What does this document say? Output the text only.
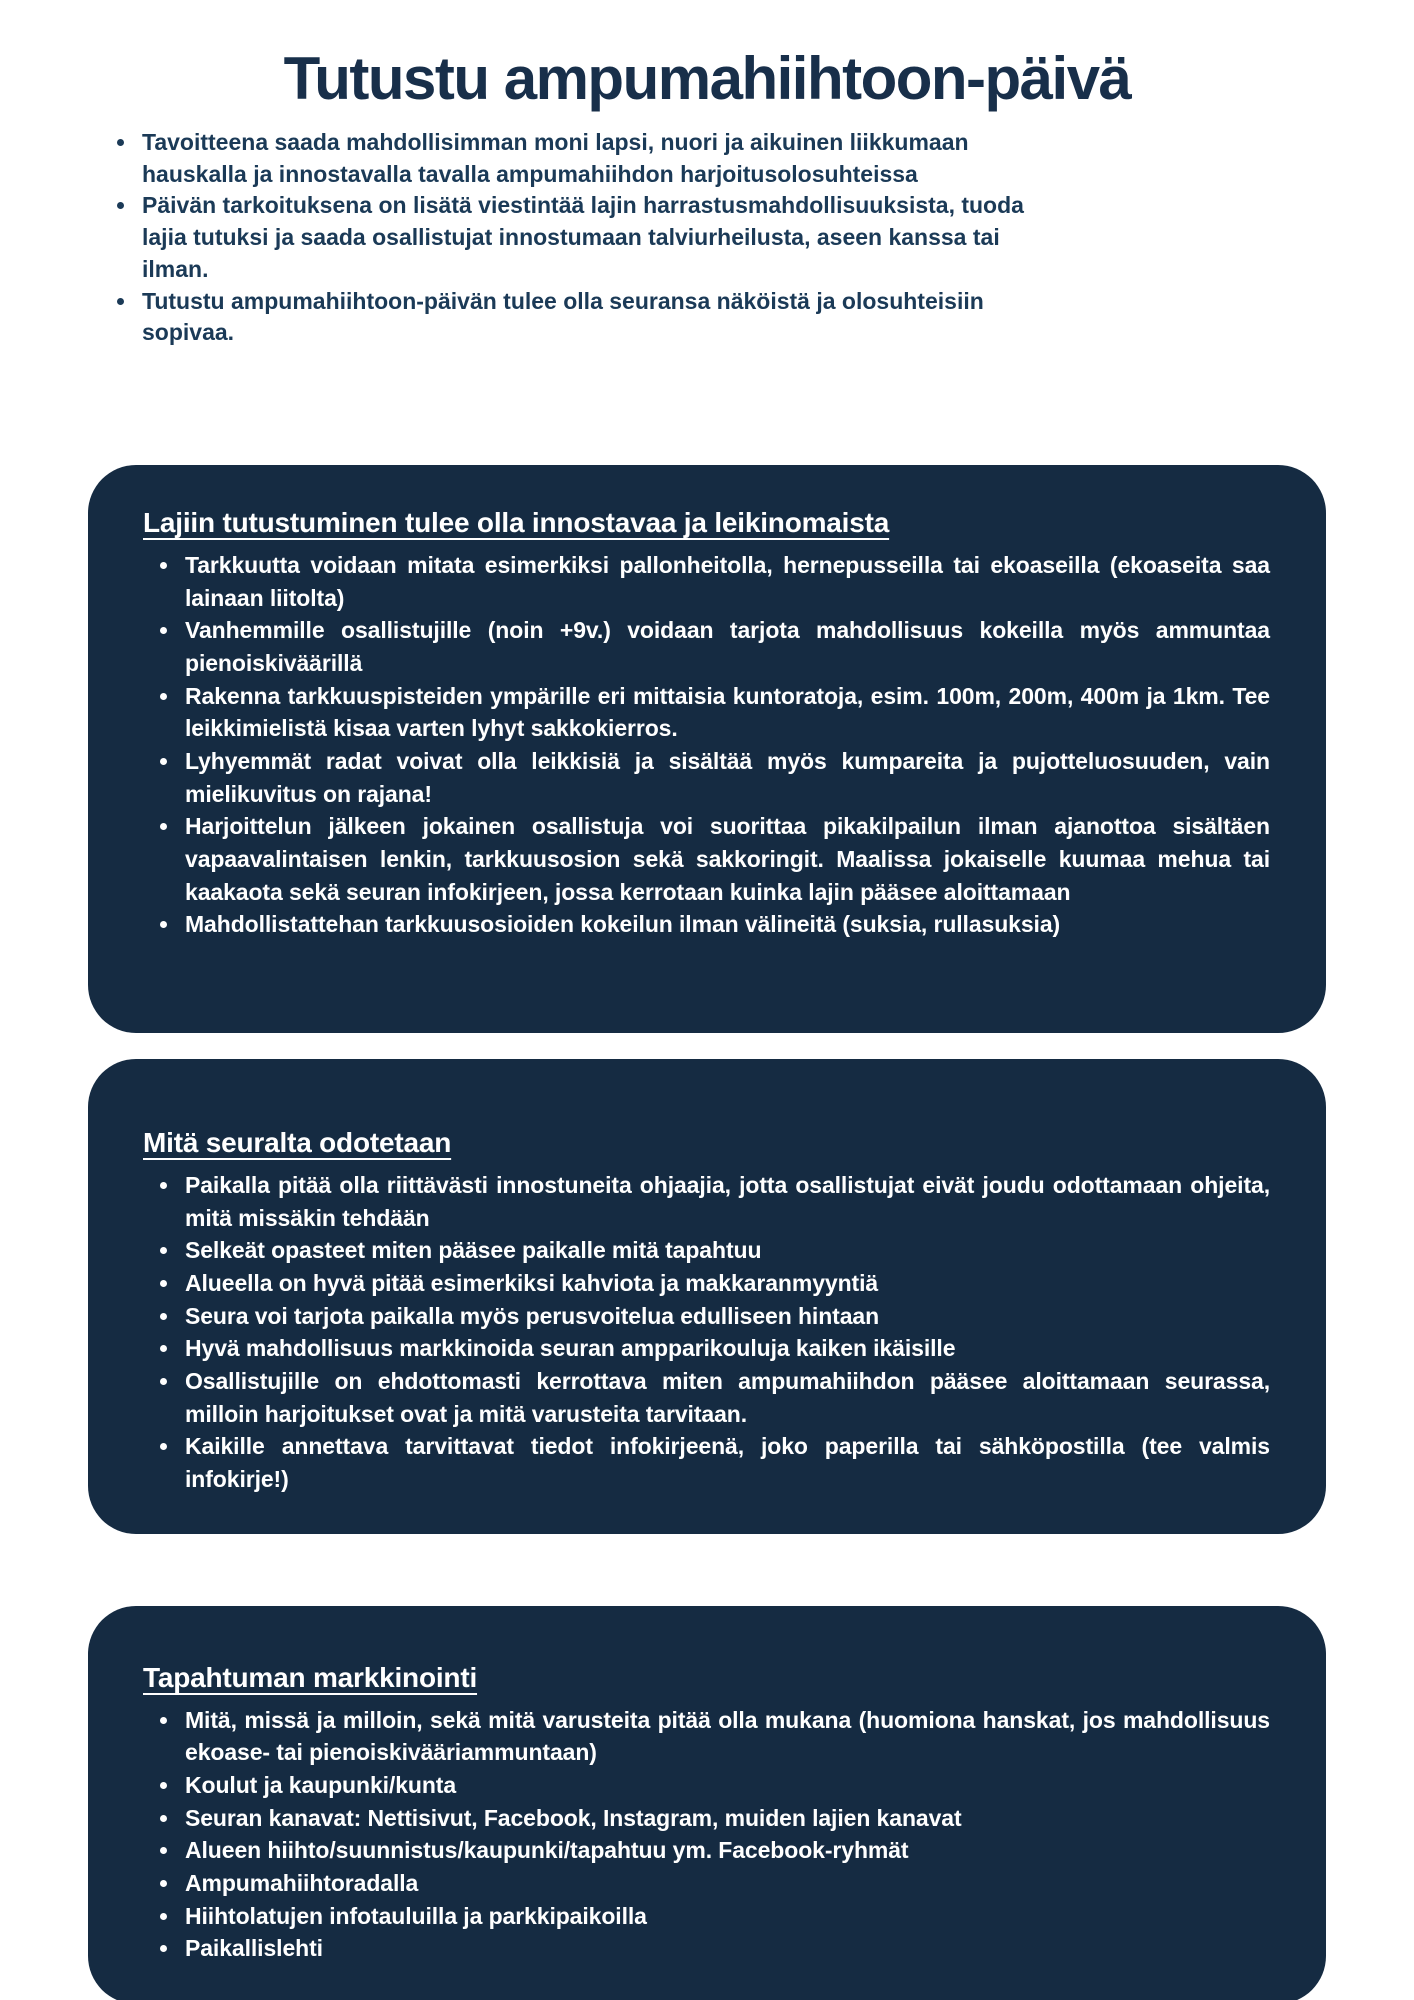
Tutustu ampumahiihtoon-päivä
• Tavoitteena saada mahdollisimman moni lapsi, nuori ja aikuinen liikkumaan hauskalla ja innostavalla tavalla ampumahiihdon harjoitusolosuhteissa
• Päivän tarkoituksena on lisätä viestintää lajin harrastusmahdollisuuksista, tuoda lajia tutuksi ja saada osallistujat innostumaan talviurheilusta, aseen kanssa tai ilman.
• Tutustu ampumahiihtoon-päivän tulee olla seuransa näköistä ja olosuhteisiin sopivaa.
Lajiin tutustuminen tulee olla innostavaa ja leikinomaista
• Tarkkuutta voidaan mitata esimerkiksi pallonheitolla, hernepusseilla tai ekoaseilla (ekoaseita saa lainaan liitolta)
• Vanhemmille osallistujille (noin +9v.) voidaan tarjota mahdollisuus kokeilla myös ammuntaa pienoiskiväärillä
• Rakenna tarkkuuspisteiden ympärille eri mittaisia kuntoratoja, esim. 100m, 200m, 400m ja 1km. Tee leikkimielistä kisaa varten lyhyt sakkokierros.
• Lyhyemmät radat voivat olla leikkisiä ja sisältää myös kumpareita ja pujotteluosuuden, vain mielikuvitus on rajana!
• Harjoittelun jälkeen jokainen osallistuja voi suorittaa pikakilpailun ilman ajanottoa sisältäen vapaavalintaisen lenkin, tarkkuusosion sekä sakkoringit. Maalissa jokaiselle kuumaa mehua tai kaakaota sekä seuran infokirjeen, jossa kerrotaan kuinka lajin pääsee aloittamaan
• Mahdollistattehan tarkkuusosioiden kokeilun ilman välineitä (suksia, rullasuksia)
Mitä seuralta odotetaan
• Paikalla pitää olla riittävästi innostuneita ohjaajia, jotta osallistujat eivät joudu odottamaan ohjeita, mitä missäkin tehdään
• Selkeät opasteet miten pääsee paikalle mitä tapahtuu
• Alueella on hyvä pitää esimerkiksi kahviota ja makkaranmyyntiä
• Seura voi tarjota paikalla myös perusvoitelua edulliseen hintaan
• Hyvä mahdollisuus markkinoida seuran ampparikouluja kaiken ikäisille
• Osallistujille on ehdottomasti kerrottava miten ampumahiihdon pääsee aloittamaan seurassa, milloin harjoitukset ovat ja mitä varusteita tarvitaan.
• Kaikille annettava tarvittavat tiedot infokirjeenä, joko paperilla tai sähköpostilla (tee valmis infokirje!)
Tapahtuman markkinointi
• Mitä, missä ja milloin, sekä mitä varusteita pitää olla mukana (huomiona hanskat, jos mahdollisuus ekoase- tai pienoiskivääriammuntaan)
• Koulut ja kaupunki/kunta
• Seuran kanavat: Nettisivut, Facebook, Instagram, muiden lajien kanavat
• Alueen hiihto/suunnistus/kaupunki/tapahtuu ym. Facebook-ryhmät
• Ampumahiihtoradalla
• Hiihtolatujen infotauluilla ja parkkipaikoilla
• Paikallislehti
